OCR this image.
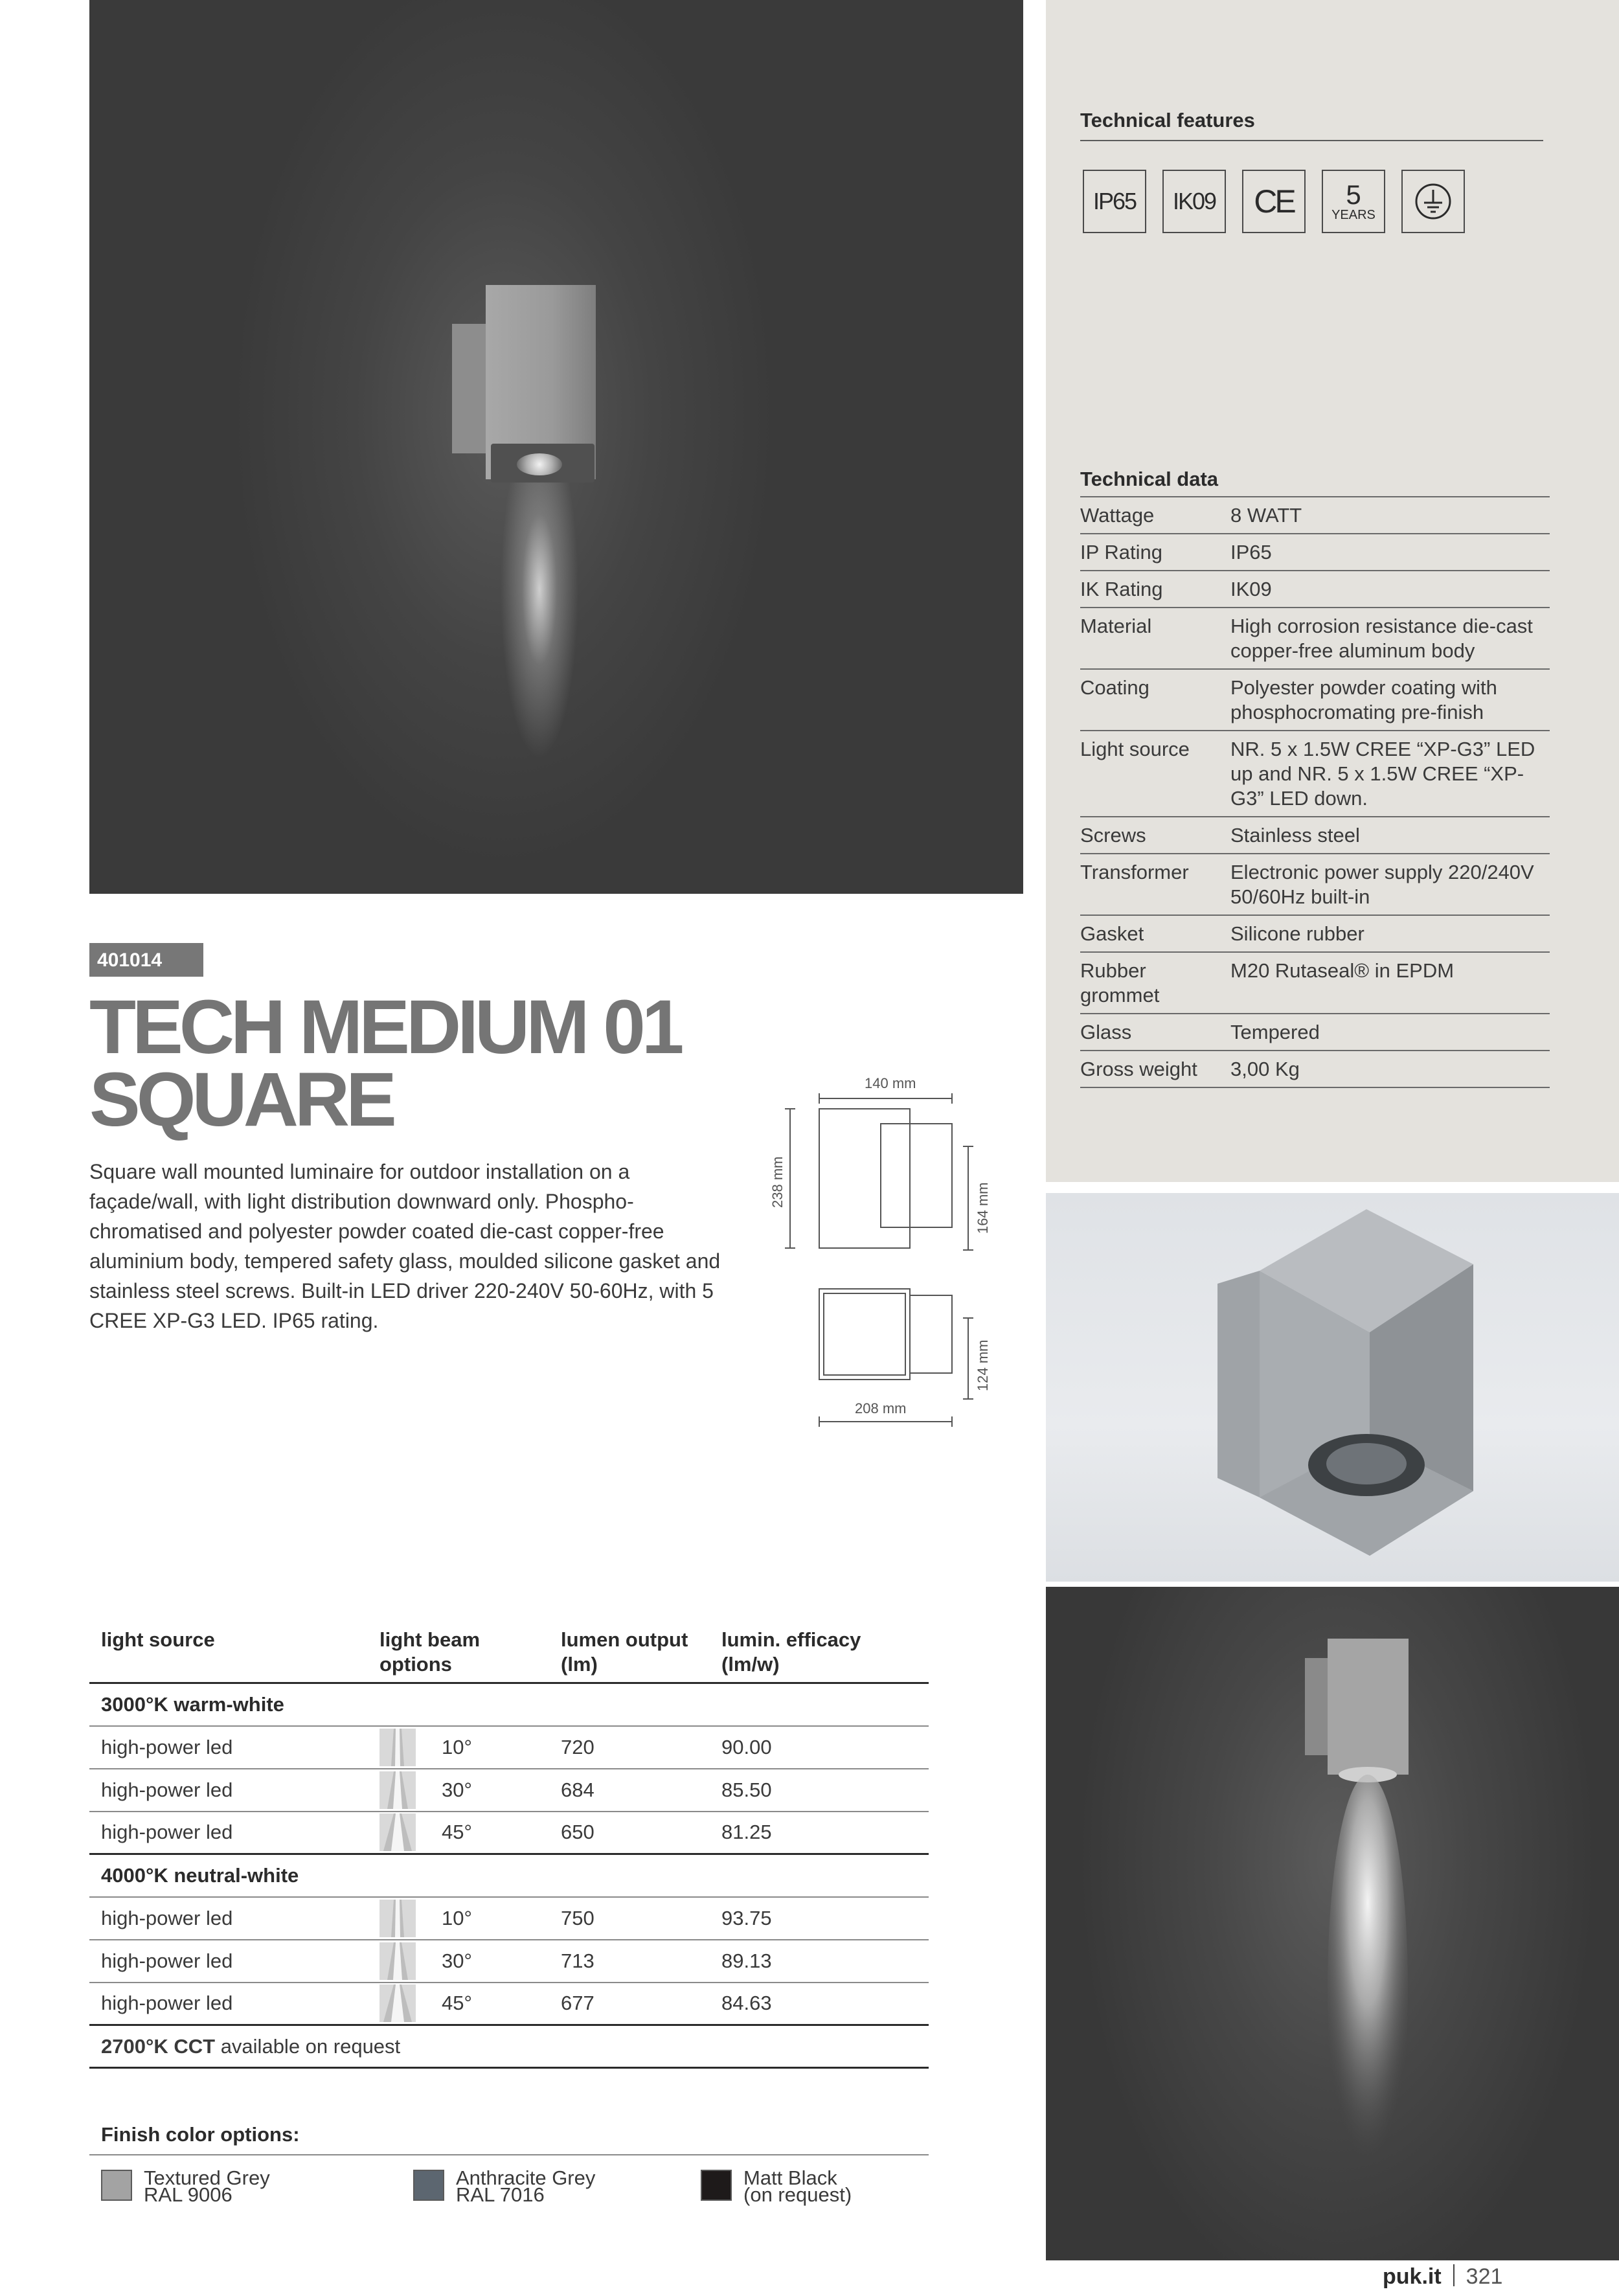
Technical features
IP65 IK09 CE 5
YEARS
Technical data
Wattage	8 WATT
IP Rating	IP65
IK Rating	IK09
Material	High corrosion resistance die-cast copper-free aluminum body
Coating	Polyester powder coating with phosphocromating pre-finish
Light source	NR. 5 x 1.5W CREE “XP-G3” LED up and NR. 5 x 1.5W CREE “XP-G3” LED down.
Screws	Stainless steel
Transformer	Electronic power supply 220/240V 50/60Hz built-in
Gasket	Silicone rubber
Rubber grommet	M20 Rutaseal® in EPDM
Glass	Tempered
Gross weight	3,00 Kg
401014
TECH MEDIUM 01
SQUARE
Square wall mounted luminaire for outdoor installation on a façade/wall, with light distribution downward only. Phospho-chromatised and polyester powder coated die-cast copper-free aluminium body, tempered safety glass, moulded silicone gasket and stainless steel screws. Built-in LED driver 220-240V 50-60Hz, with 5 CREE XP-G3 LED. IP65 rating.
140 mm
238 mm
164 mm
208 mm
124 mm
light source	light beam options	lumen output (lm)	lumin. efficacy (lm/w)

3000°K warm-white			
high-power led	10°	720	90.00
high-power led	30°	684	85.50
high-power led	45°	650	81.25
4000°K neutral-white			
high-power led	10°	750	93.75
high-power led	30°	713	89.13
high-power led	45°	677	84.63
2700°K CCT available on request			
Finish color options:
Textured Grey
RAL 9006
Anthracite Grey
RAL 7016
Matt Black
(on request)
puk.it 321
